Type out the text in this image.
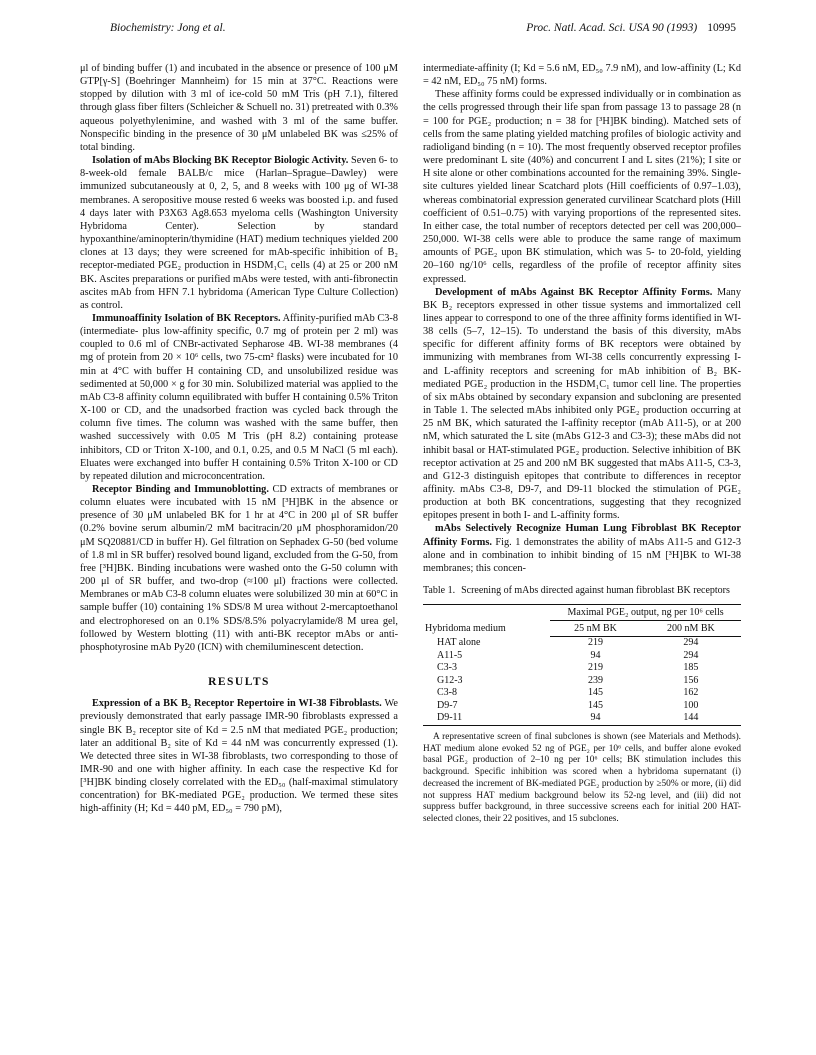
Biochemistry: Jong et al.	Proc. Natl. Acad. Sci. USA 90 (1993) 10995

μl of binding buffer (1) and incubated in the absence or presence of 100 μM GTP[γ-S] (Boehringer Mannheim) for 15 min at 37°C. Reactions were stopped by dilution with 3 ml of ice-cold 50 mM Tris (pH 7.1), filtered through glass fiber filters (Schleicher & Schuell no. 31) pretreated with 0.3% aqueous polyethylenimine, and washed with 3 ml of the same buffer. Nonspecific binding in the presence of 30 μM unlabeled BK was ≤25% of total binding.

Isolation of mAbs Blocking BK Receptor Biologic Activity. Seven 6- to 8-week-old female BALB/c mice (Harlan–Sprague–Dawley) were immunized subcutaneously at 0, 2, 5, and 8 weeks with 100 μg of WI-38 membranes. A seropositive mouse rested 6 weeks was boosted i.p. and fused 4 days later with P3X63 Ag8.653 myeloma cells (Washington University Hybridoma Center). Selection by standard hypoxanthine/aminopterin/thymidine (HAT) medium techniques yielded 200 clones at 13 days; they were screened for mAb-specific inhibition of B₂ receptor-mediated PGE₂ production in HSDM₁C₁ cells (4) at 25 or 200 nM BK. Ascites preparations or purified mAbs were tested, with anti-fibronectin ascites mAb from HFN 7.1 hybridoma (American Type Culture Collection) as control.

Immunoaffinity Isolation of BK Receptors. Affinity-purified mAb C3-8 (intermediate- plus low-affinity specific, 0.7 mg of protein per 2 ml) was coupled to 0.6 ml of CNBr-activated Sepharose 4B. WI-38 membranes (4 mg of protein from 20 × 10⁶ cells, two 75-cm² flasks) were incubated for 10 min at 4°C with buffer H containing CD, and unsolubilized residue was sedimented at 50,000 × g for 30 min. Solubilized material was applied to the mAb C3-8 affinity column equilibrated with buffer H containing 0.5% Triton X-100 or CD, and the unadsorbed fraction was cycled back through the column five times. The column was washed with the same buffer, then washed successively with 0.05 M Tris (pH 8.2) containing protease inhibitors, CD or Triton X-100, and 0.1, 0.25, and 0.5 M NaCl (5 ml each). Eluates were exchanged into buffer H containing 0.5% Triton X-100 or CD by repeated dilution and microconcentration.

Receptor Binding and Immunoblotting. CD extracts of membranes or column eluates were incubated with 15 nM [³H]BK in the absence or presence of 30 μM unlabeled BK for 1 hr at 4°C in 200 μl of SR buffer (0.2% bovine serum albumin/2 mM bacitracin/20 μM phosphoramidon/20 μM SQ20881/CD in buffer H). Gel filtration on Sephadex G-50 (bed volume of 1.8 ml in SR buffer) resolved bound ligand, excluded from the G-50, from free [³H]BK. Binding incubations were washed onto the G-50 column with 200 μl of SR buffer, and two-drop (≈100 μl) fractions were collected. Membranes or mAb C3-8 column eluates were solubilized 30 min at 60°C in sample buffer (10) containing 1% SDS/8 M urea without 2-mercaptoethanol and electrophoresed on an 0.1% SDS/8.5% polyacrylamide/8 M urea gel, followed by Western blotting (11) with anti-BK receptor mAbs or anti-phosphotyrosine mAb Py20 (ICN) with chemiluminescent detection.

RESULTS

Expression of a BK B₂ Receptor Repertoire in WI-38 Fibroblasts. We previously demonstrated that early passage IMR-90 fibroblasts expressed a single BK B₂ receptor site of Kd = 2.5 nM that mediated PGE₂ production; later an additional B₂ site of Kd = 44 nM was concurrently expressed (1). We detected three sites in WI-38 fibroblasts, two corresponding to those of IMR-90 and one with higher affinity. In each case the respective Kd for [³H]BK binding closely correlated with the ED₅₀ (half-maximal stimulatory concentration) for BK-mediated PGE₂ production. We termed these sites high-affinity (H; Kd = 440 pM, ED₅₀ = 790 pM),

intermediate-affinity (I; Kd = 5.6 nM, ED₅₀ 7.9 nM), and low-affinity (L; Kd = 42 nM, ED₅₀ 75 nM) forms.

These affinity forms could be expressed individually or in combination as the cells progressed through their life span from passage 13 to passage 28 (n = 100 for PGE₂ production; n = 38 for [³H]BK binding). Matched sets of cells from the same plating yielded matching profiles of biologic activity and radioligand binding (n = 10). The most frequently observed receptor profiles were predominant L site (40%) and concurrent I and L sites (21%); I site or H site alone or other combinations accounted for the remaining 39%. Single-site cultures yielded linear Scatchard plots (Hill coefficients of 0.97–1.03), whereas combinatorial expression generated curvilinear Scatchard plots (Hill coefficient of 0.51–0.75) with varying proportions of the represented sites. In either case, the total number of receptors detected per cell was 200,000–250,000. WI-38 cells were able to produce the same range of maximum amounts of PGE₂ upon BK stimulation, which was 5- to 20-fold, yielding 20–160 ng/10⁶ cells, regardless of the profile of receptor affinity sites expressed.

Development of mAbs Against BK Receptor Affinity Forms. Many BK B₂ receptors expressed in other tissue systems and immortalized cell lines appear to correspond to one of the three affinity forms identified in WI-38 cells (5–7, 12–15). To understand the basis of this diversity, mAbs specific for different affinity forms of BK receptors were obtained by immunizing with membranes from WI-38 cells concurrently expressing I- and L-affinity receptors and screening for mAb inhibition of B₂ BK-mediated PGE₂ production in the HSDM₁C₁ tumor cell line. The properties of six mAbs obtained by secondary expansion and subcloning are presented in Table 1. The selected mAbs inhibited only PGE₂ production occurring at 25 nM BK, which saturated the I-affinity receptor (mAb A11-5), or at 200 nM, which saturated the L site (mAbs G12-3 and C3-3); these mAbs did not inhibit basal or HAT-stimulated PGE₂ production. Selective inhibition of BK receptor activation at 25 and 200 nM BK suggested that mAbs A11-5, C3-3, and G12-3 distinguish epitopes that contribute to differences in receptor affinity. mAbs C3-8, D9-7, and D9-11 blocked the stimulation of PGE₂ production at both BK concentrations, suggesting that they recognized epitopes present in both I- and L-affinity forms.

mAbs Selectively Recognize Human Lung Fibroblast BK Receptor Affinity Forms. Fig. 1 demonstrates the ability of mAbs A11-5 and G12-3 alone and in combination to inhibit binding of 15 nM [³H]BK to WI-38 membranes; this concen-

Table 1. Screening of mAbs directed against human fibroblast BK receptors
Hybridoma medium	Maximal PGE₂ output, ng per 10⁶ cells	
	25 nM BK	200 nM BK
HAT alone	219	294
A11-5	94	294
C3-3	219	185
G12-3	239	156
C3-8	145	162
D9-7	145	100
D9-11	94	144
A representative screen of final subclones is shown (see Materials and Methods). HAT medium alone evoked 52 ng of PGE₂ per 10⁶ cells, and buffer alone evoked basal PGE₂ production of 2–10 ng per 10⁶ cells; BK stimulation includes this background. Specific inhibition was scored when a hybridoma supernatant (i) decreased the increment of BK-mediated PGE₂ production by ≥50% or more, (ii) did not suppress HAT medium background below its 52-ng level, and (iii) did not suppress buffer background, in three successive screens each for initial 200 HAT-selected clones, their 22 positives, and 15 subclones.
